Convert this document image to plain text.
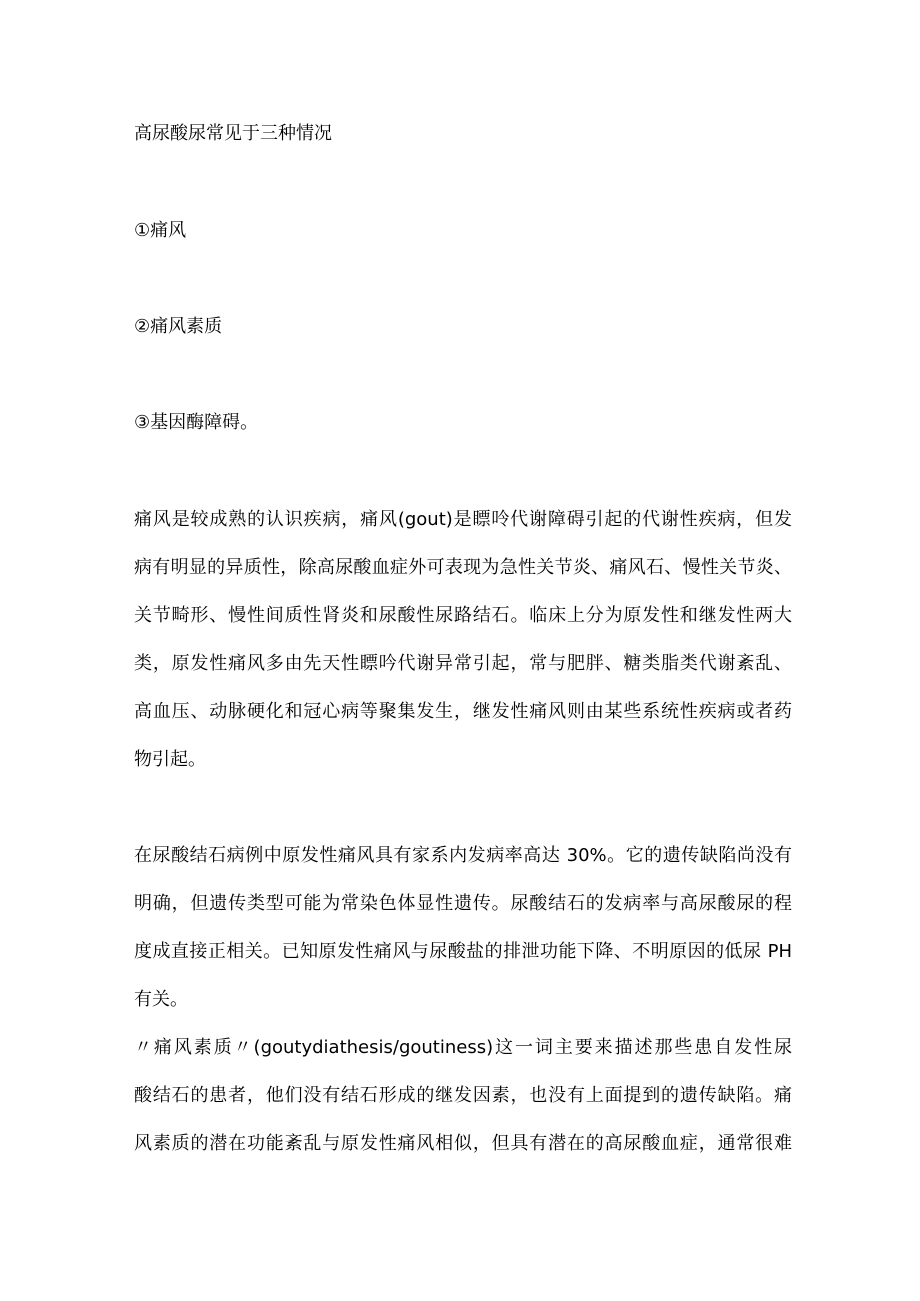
高尿酸尿常见于三种情况
①痛风
②痛风素质
③基因酶障碍。
痛风是较成熟的认识疾病，痛风(gout)是瞟呤代谢障碍引起的代谢性疾病，但发
病有明显的异质性，除高尿酸血症外可表现为急性关节炎、痛风石、慢性关节炎、
关节畸形、慢性间质性肾炎和尿酸性尿路结石。临床上分为原发性和继发性两大
类，原发性痛风多由先天性瞟吟代谢异常引起，常与肥胖、糖类脂类代谢紊乱、
高血压、动脉硬化和冠心病等聚集发生，继发性痛风则由某些系统性疾病或者药
物引起。
在尿酸结石病例中原发性痛风具有家系内发病率高达 30%。它的遗传缺陷尚没有
明确，但遗传类型可能为常染色体显性遗传。尿酸结石的发病率与高尿酸尿的程
度成直接正相关。已知原发性痛风与尿酸盐的排泄功能下降、不明原因的低尿 PH
有关。
〃痛风素质〃(goutydiathesis/goutiness)这一词主要来描述那些患自发性尿
酸结石的患者，他们没有结石形成的继发因素，也没有上面提到的遗传缺陷。痛
风素质的潜在功能紊乱与原发性痛风相似，但具有潜在的高尿酸血症，通常很难
